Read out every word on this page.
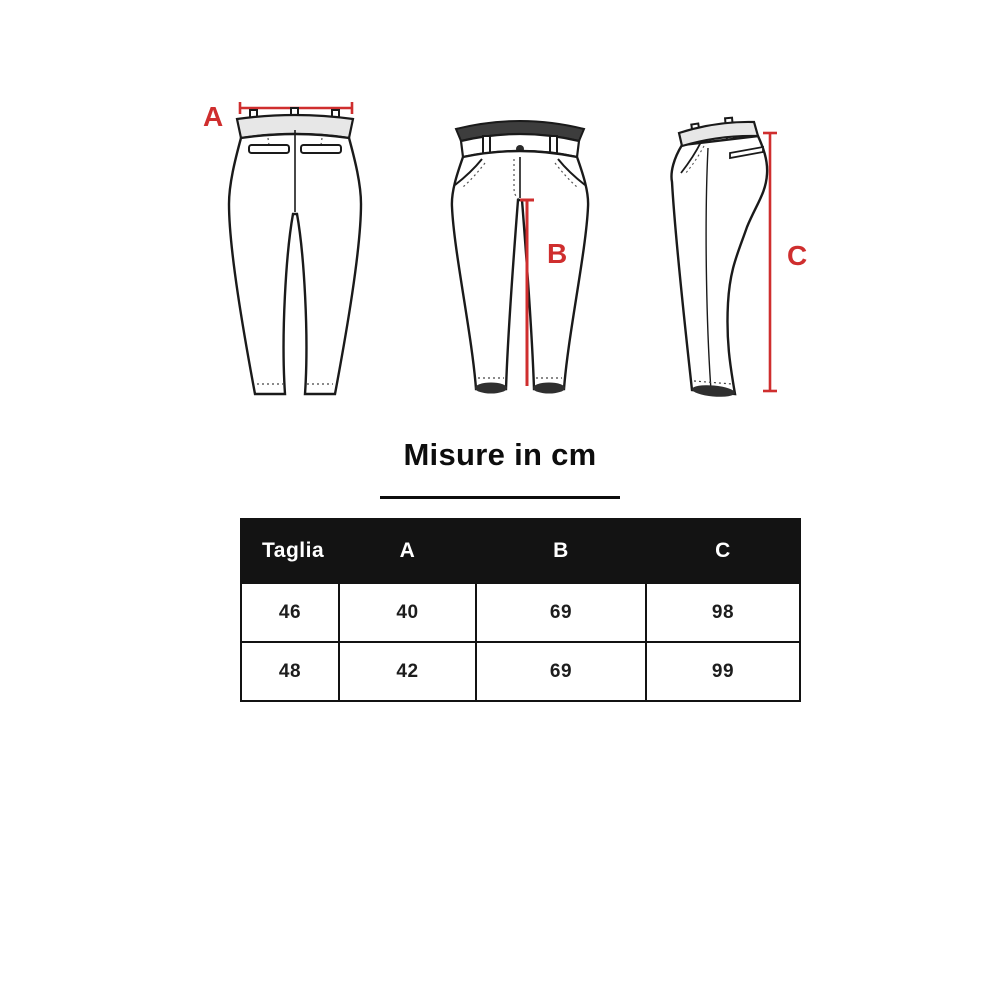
A
B	C
Misure in cm
Taglia	A	B	C
46	40	69	98
48	42	69	99
